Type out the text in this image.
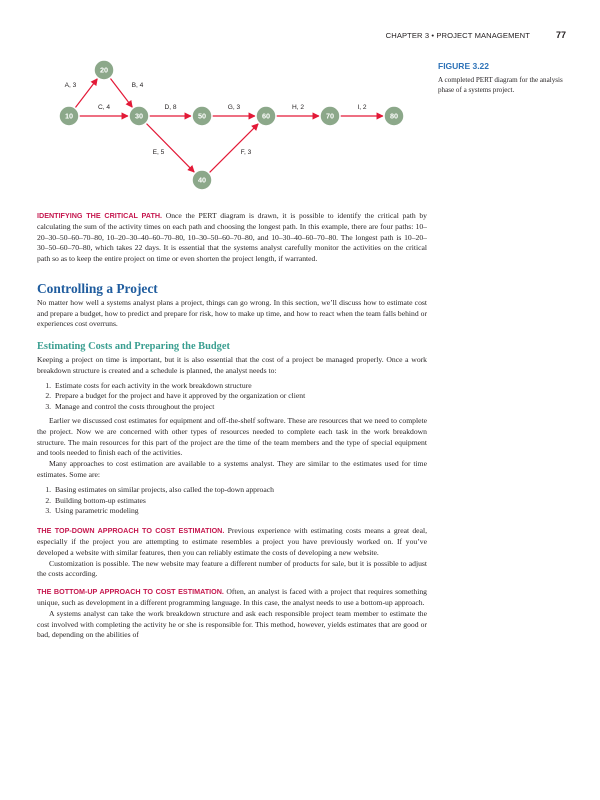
CHAPTER 3 • PROJECT MANAGEMENT	77
A, 3	B, 4
C, 4	D, 8
E, 5	F, 3
G, 3	H, 2	I, 2
10
20
30
40
50	60	70	80
FIGURE 3.22
A completed PERT diagram for the analysis phase of a systems project.

IDENTIFYING THE CRITICAL PATH. Once the PERT diagram is drawn, it is possible to identify the critical path by calculating the sum of the activity times on each path and choosing the longest path. In this example, there are four paths: 10–20–30–50–60–70–80, 10–20–30–40–60–70–80, 10–30–50–60–70–80, and 10–30–40–60–70–80. The longest path is 10–20–30–50–60–70–80, which takes 22 days. It is essential that the systems analyst carefully monitor the activities on the critical path so as to keep the entire project on time or even shorten the project length, if warranted.

Controlling a Project

No matter how well a systems analyst plans a project, things can go wrong. In this section, we’ll discuss how to estimate cost and prepare a budget, how to predict and prepare for risk, how to make up time, and how to react when the team falls behind or experiences cost overruns.

Estimating Costs and Preparing the Budget

Keeping a project on time is important, but it is also essential that the cost of a project be managed properly. Once a work breakdown structure is created and a schedule is planned, the analyst needs to:

1. Estimate costs for each activity in the work breakdown structure
2. Prepare a budget for the project and have it approved by the organization or client
3. Manage and control the costs throughout the project

Earlier we discussed cost estimates for equipment and off-the-shelf software. These are resources that we need to complete the project. Now we are concerned with other types of resources needed to complete each task in the work breakdown structure. The main resources for this part of the project are the time of the team members and the type of special equipment and tools needed to finish each of the activities.

Many approaches to cost estimation are available to a systems analyst. They are similar to the estimates used for time estimates. Some are:

1. Basing estimates on similar projects, also called the top-down approach
2. Building bottom-up estimates
3. Using parametric modeling

THE TOP-DOWN APPROACH TO COST ESTIMATION. Previous experience with estimating costs means a great deal, especially if the project you are attempting to estimate resembles a project you have previously worked on. If you’ve developed a website with similar features, then you can reliably estimate the costs of developing a new website.

Customization is possible. The new website may feature a different number of products for sale, but it is possible to adjust the costs according.

THE BOTTOM-UP APPROACH TO COST ESTIMATION. Often, an analyst is faced with a project that requires something unique, such as development in a different programming language. In this case, the analyst needs to use a bottom-up approach.

A systems analyst can take the work breakdown structure and ask each responsible project team member to estimate the cost involved with completing the activity he or she is responsible for. This method, however, yields estimates that are good or bad, depending on the abilities of
